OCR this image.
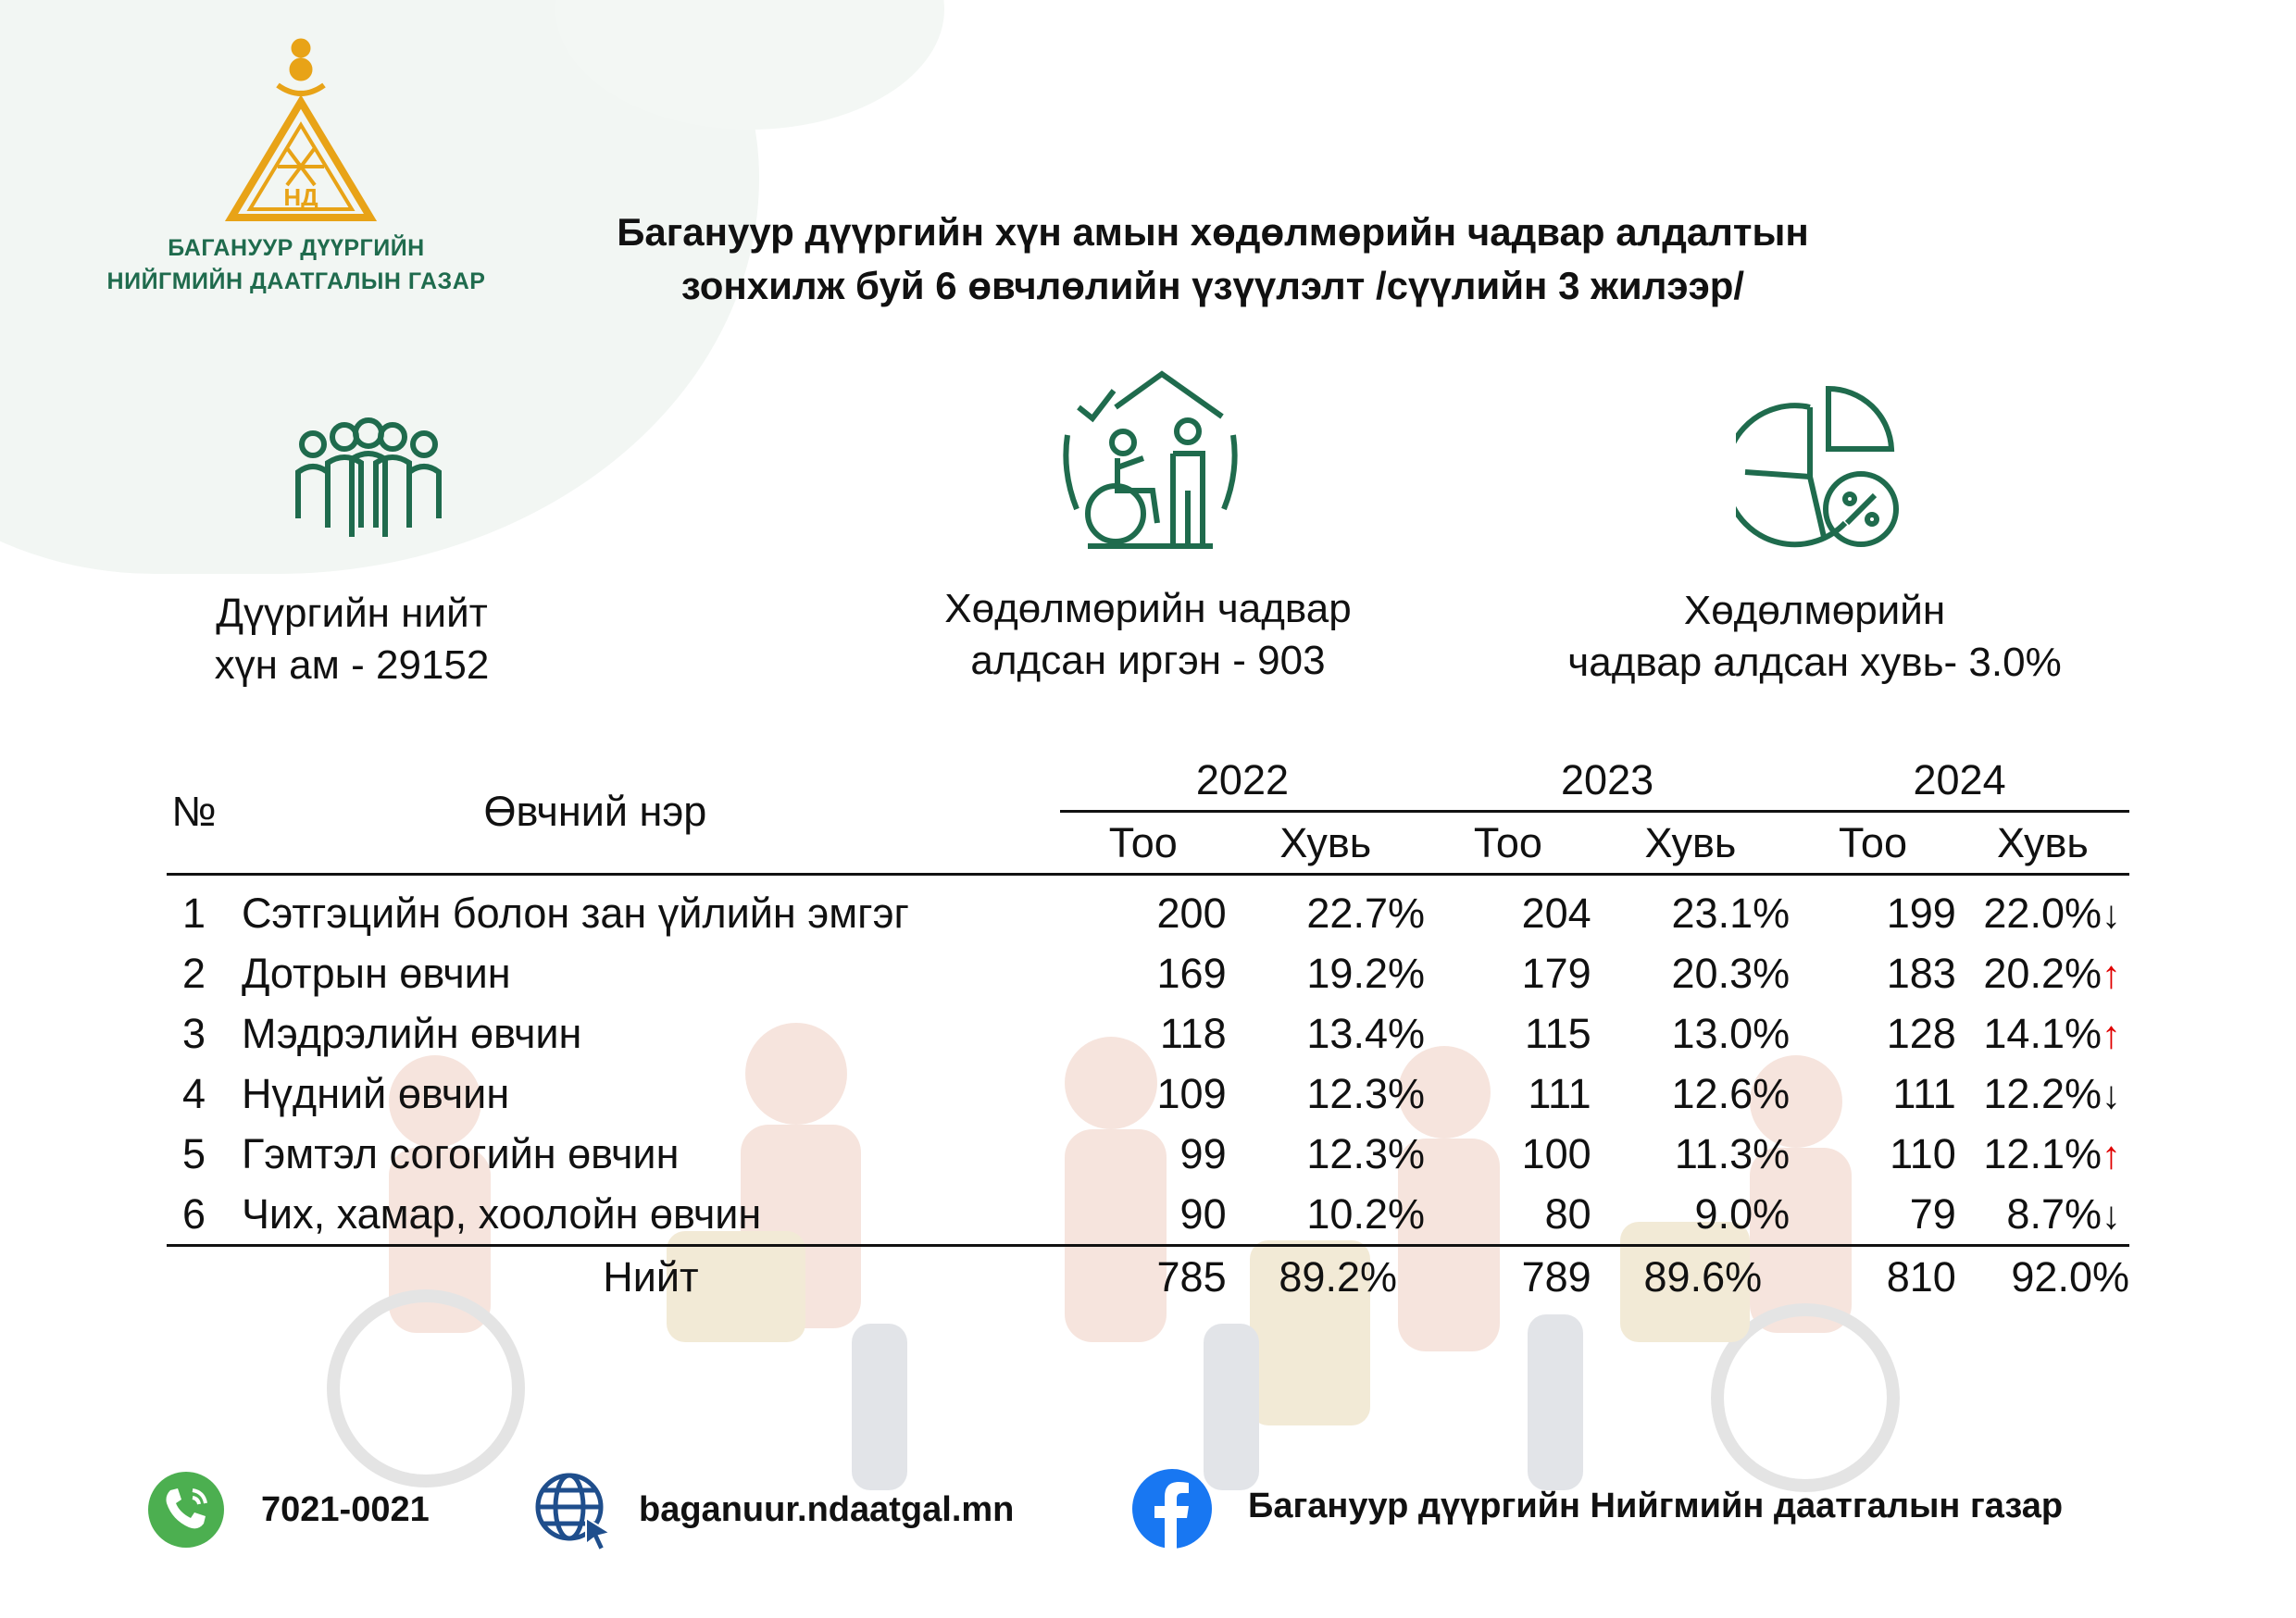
НД
БАГАНУУР ДҮҮРГИЙН
НИЙГМИЙН ДААТГАЛЫН ГАЗАР
Багануур дүүргийн хүн амын хөдөлмөрийн чадвар алдалтын
зонхилж буй 6 өвчлөлийн үзүүлэлт /сүүлийн 3 жилээр/
Дүүргийн нийт
хүн ам - 29152
Хөдөлмөрийн чадвар
алдсан иргэн - 903
Хөдөлмөрийн
чадвар алдсан хувь- 3.0%
№	Өвчний нэр	2022		2023		2024	
		Тоо	Хувь	Тоо	Хувь	Тоо	Хувь
1	Сэтгэцийн болон зан үйлийн эмгэг	200	22.7%	204	23.1%	199	22.0%↓
2	Дотрын өвчин	169	19.2%	179	20.3%	183	20.2%↑
3	Мэдрэлийн өвчин	118	13.4%	115	13.0%	128	14.1%↑
4	Нүдний өвчин	109	12.3%	111	12.6%	111	12.2%↓
5	Гэмтэл согогийн өвчин	99	12.3%	100	11.3%	110	12.1%↑
6	Чих, хамар, хоолойн өвчин	90	10.2%	80	9.0%	79	8.7%↓
	Нийт	785	89.2%	789	89.6%	810	92.0%
7021-0021	baganuur.ndaatgal.mn	Багануур дүүргийн Нийгмийн даатгалын газар
